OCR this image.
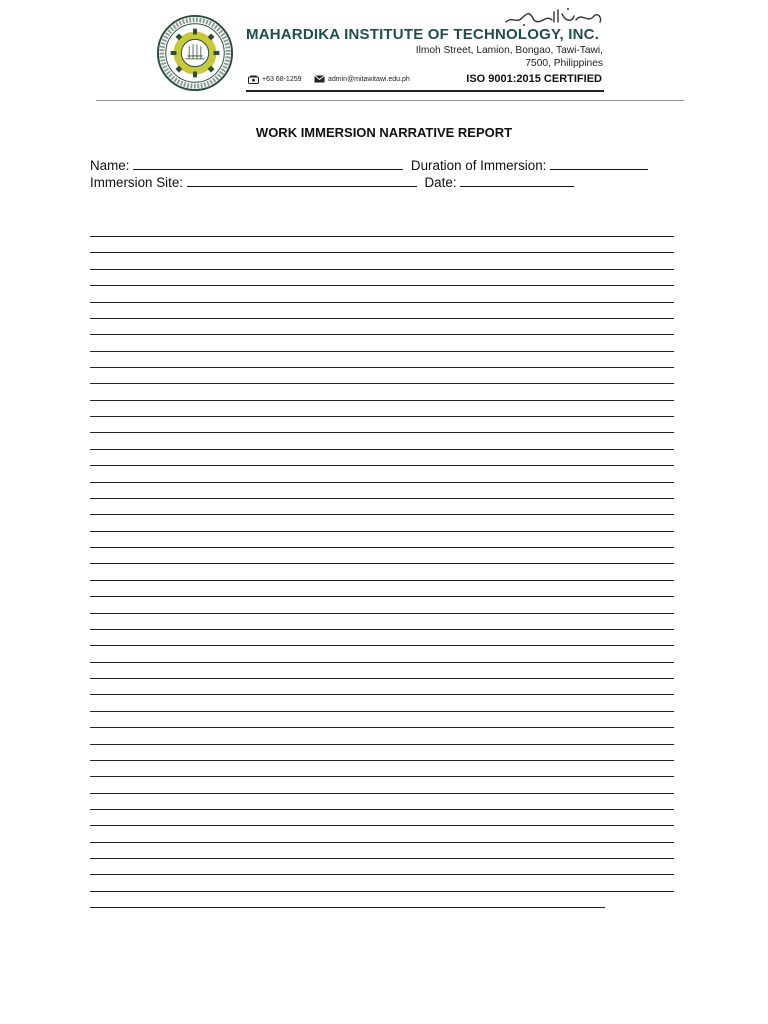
MAHARDIKA INSTITUTE OF TECHNOLOGY, INC.
Ilmoh Street, Lamion, Bongao, Tawi-Tawi,
7500, Philippines
+63 68-1259	admin@mitawitawi.edu.ph	ISO 9001:2015 CERTIFIED
WORK IMMERSION NARRATIVE REPORT
Name:	Duration of Immersion:
Immersion Site:	Date:
